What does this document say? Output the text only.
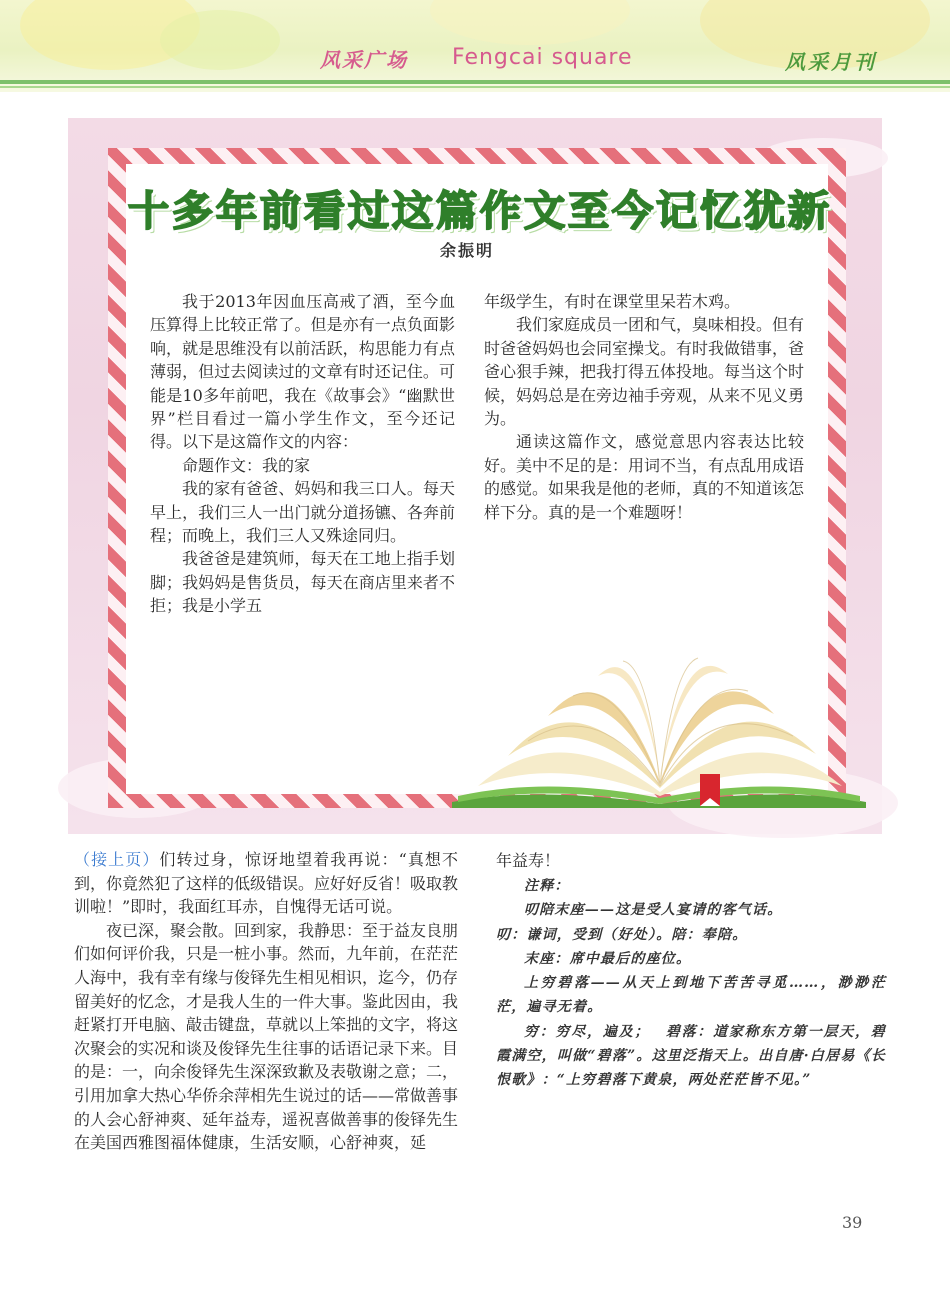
风采广场 Fengcai square	风采月刊
十多年前看过这篇作文至今记忆犹新
余振明

我于2013年因血压高戒了酒，至今血压算得上比较正常了。但是亦有一点负面影响，就是思维没有以前活跃，构思能力有点薄弱，但过去阅读过的文章有时还记住。可能是10多年前吧，我在《故事会》“幽默世界”栏目看过一篇小学生作文，至今还记得。以下是这篇作文的内容：

命题作文：我的家

我的家有爸爸、妈妈和我三口人。每天早上，我们三人一出门就分道扬镳、各奔前程；而晚上，我们三人又殊途同归。

我爸爸是建筑师，每天在工地上指手划脚；我妈妈是售货员，每天在商店里来者不拒；我是小学五

年级学生，有时在课堂里呆若木鸡。

我们家庭成员一团和气，臭味相投。但有时爸爸妈妈也会同室操戈。有时我做错事，爸爸心狠手辣，把我打得五体投地。每当这个时候，妈妈总是在旁边袖手旁观，从来不见义勇为。

通读这篇作文，感觉意思内容表达比较好。美中不足的是：用词不当，有点乱用成语的感觉。如果我是他的老师，真的不知道该怎样下分。真的是一个难题呀！

（接上页）们转过身，惊讶地望着我再说：“真想不到，你竟然犯了这样的低级错误。应好好反省！吸取教训啦！”即时，我面红耳赤，自愧得无话可说。

夜已深，聚会散。回到家，我静思：至于益友良朋们如何评价我，只是一桩小事。然而，九年前，在茫茫人海中，我有幸有缘与俊铎先生相见相识，迄今，仍存留美好的忆念，才是我人生的一件大事。鉴此因由，我赶紧打开电脑、敲击键盘，草就以上笨拙的文字，将这次聚会的实况和谈及俊铎先生往事的话语记录下来。目的是：一，向余俊铎先生深深致歉及表敬谢之意；二，引用加拿大热心华侨余萍相先生说过的话——常做善事的人会心舒神爽、延年益寿，遥祝喜做善事的俊铎先生在美国西雅图福体健康，生活安顺，心舒神爽，延

年益寿！

注释：

叨陪末座——这是受人宴请的客气话。

叨：谦词，受到（好处）。陪：奉陪。

末座：席中最后的座位。

上穷碧落——从天上到地下苦苦寻觅……，渺渺茫茫，遍寻无着。

穷：穷尽，遍及；　碧落：道家称东方第一层天，碧霞满空，叫做“碧落”。这里泛指天上。出自唐·白居易《长恨歌》：“上穷碧落下黄泉，两处茫茫皆不见。”

39
